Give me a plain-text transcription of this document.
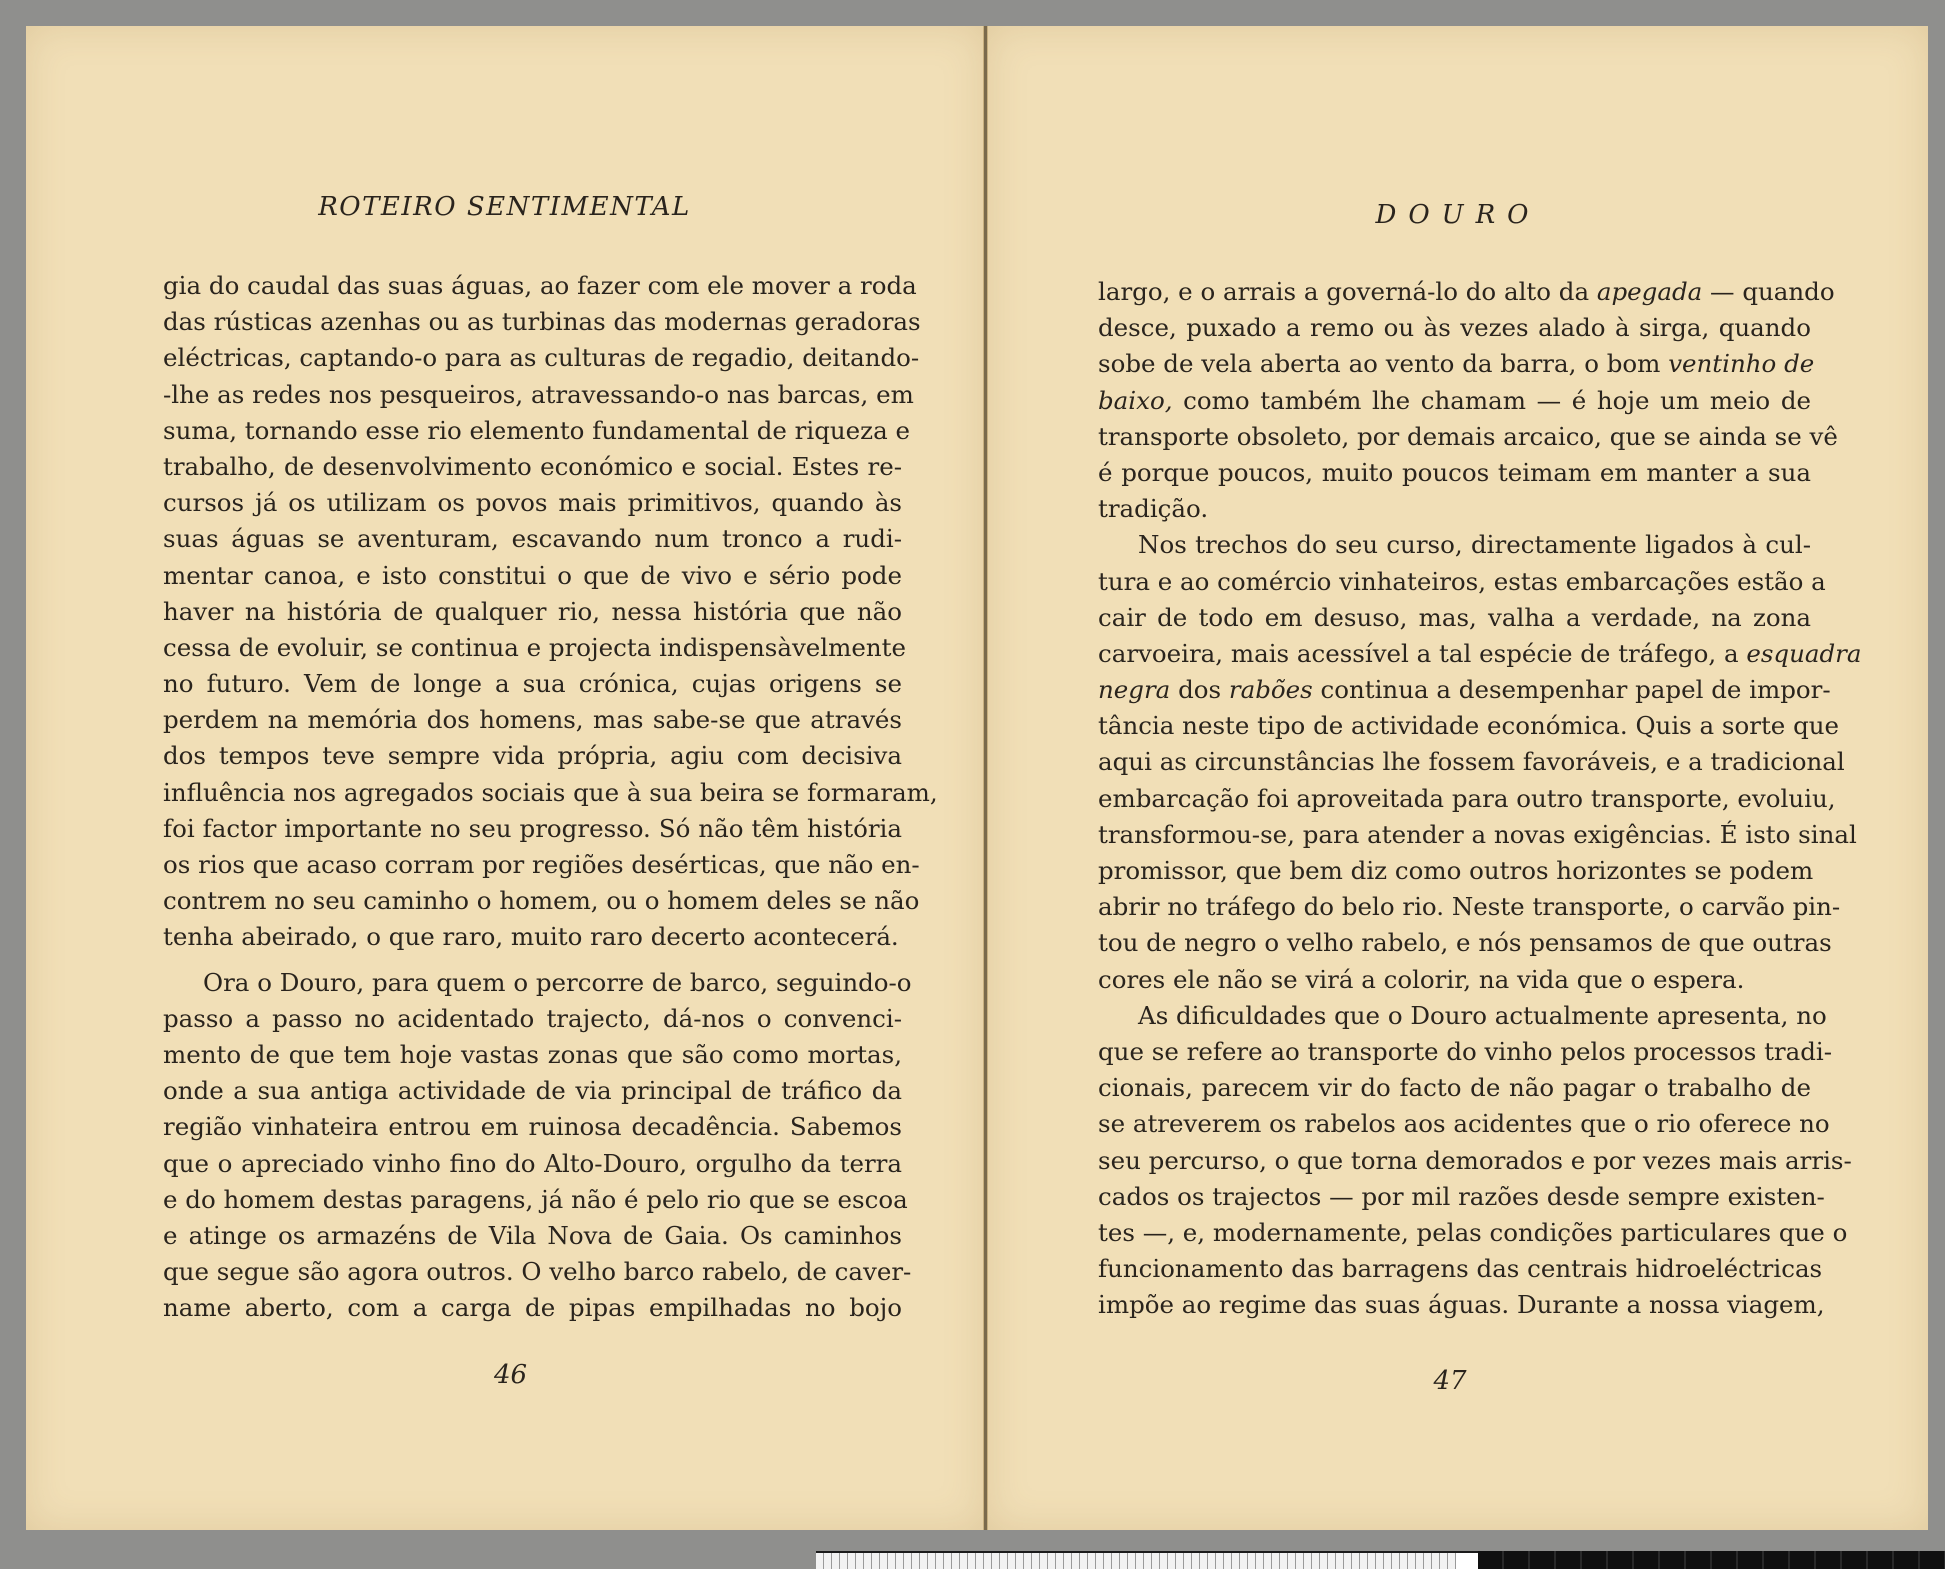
ROTEIRO SENTIMENTAL
gia do caudal das suas águas, ao fazer com ele mover a roda
das rústicas azenhas ou as turbinas das modernas geradoras
eléctricas, captando-o para as culturas de regadio, deitando-
-lhe as redes nos pesqueiros, atravessando-o nas barcas, em
suma, tornando esse rio elemento fundamental de riqueza e
trabalho, de desenvolvimento económico e social. Estes re-
cursos já os utilizam os povos mais primitivos, quando às
suas águas se aventuram, escavando num tronco a rudi-
mentar canoa, e isto constitui o que de vivo e sério pode
haver na história de qualquer rio, nessa história que não
cessa de evoluir, se continua e projecta indispensàvelmente
no futuro. Vem de longe a sua crónica, cujas origens se
perdem na memória dos homens, mas sabe-se que através
dos tempos teve sempre vida própria, agiu com decisiva
influência nos agregados sociais que à sua beira se formaram,
foi factor importante no seu progresso. Só não têm história
os rios que acaso corram por regiões desérticas, que não en-
contrem no seu caminho o homem, ou o homem deles se não
tenha abeirado, o que raro, muito raro decerto acontecerá.
Ora o Douro, para quem o percorre de barco, seguindo-o
passo a passo no acidentado trajecto, dá-nos o convenci-
mento de que tem hoje vastas zonas que são como mortas,
onde a sua antiga actividade de via principal de tráfico da
região vinhateira entrou em ruinosa decadência. Sabemos
que o apreciado vinho fino do Alto-Douro, orgulho da terra
e do homem destas paragens, já não é pelo rio que se escoa
e atinge os armazéns de Vila Nova de Gaia. Os caminhos
que segue são agora outros. O velho barco rabelo, de caver-
name aberto, com a carga de pipas empilhadas no bojo
46
DOURO
largo, e o arrais a governá-lo do alto da apegada — quando
desce, puxado a remo ou às vezes alado à sirga, quando
sobe de vela aberta ao vento da barra, o bom ventinho de
baixo, como também lhe chamam — é hoje um meio de
transporte obsoleto, por demais arcaico, que se ainda se vê
é porque poucos, muito poucos teimam em manter a sua
tradição.
Nos trechos do seu curso, directamente ligados à cul-
tura e ao comércio vinhateiros, estas embarcações estão a
cair de todo em desuso, mas, valha a verdade, na zona
carvoeira, mais acessível a tal espécie de tráfego, a esquadra
negra dos rabões continua a desempenhar papel de impor-
tância neste tipo de actividade económica. Quis a sorte que
aqui as circunstâncias lhe fossem favoráveis, e a tradicional
embarcação foi aproveitada para outro transporte, evoluiu,
transformou-se, para atender a novas exigências. É isto sinal
promissor, que bem diz como outros horizontes se podem
abrir no tráfego do belo rio. Neste transporte, o carvão pin-
tou de negro o velho rabelo, e nós pensamos de que outras
cores ele não se virá a colorir, na vida que o espera.
As dificuldades que o Douro actualmente apresenta, no
que se refere ao transporte do vinho pelos processos tradi-
cionais, parecem vir do facto de não pagar o trabalho de
se atreverem os rabelos aos acidentes que o rio oferece no
seu percurso, o que torna demorados e por vezes mais arris-
cados os trajectos — por mil razões desde sempre existen-
tes —, e, modernamente, pelas condições particulares que o
funcionamento das barragens das centrais hidroeléctricas
impõe ao regime das suas águas. Durante a nossa viagem,
47
